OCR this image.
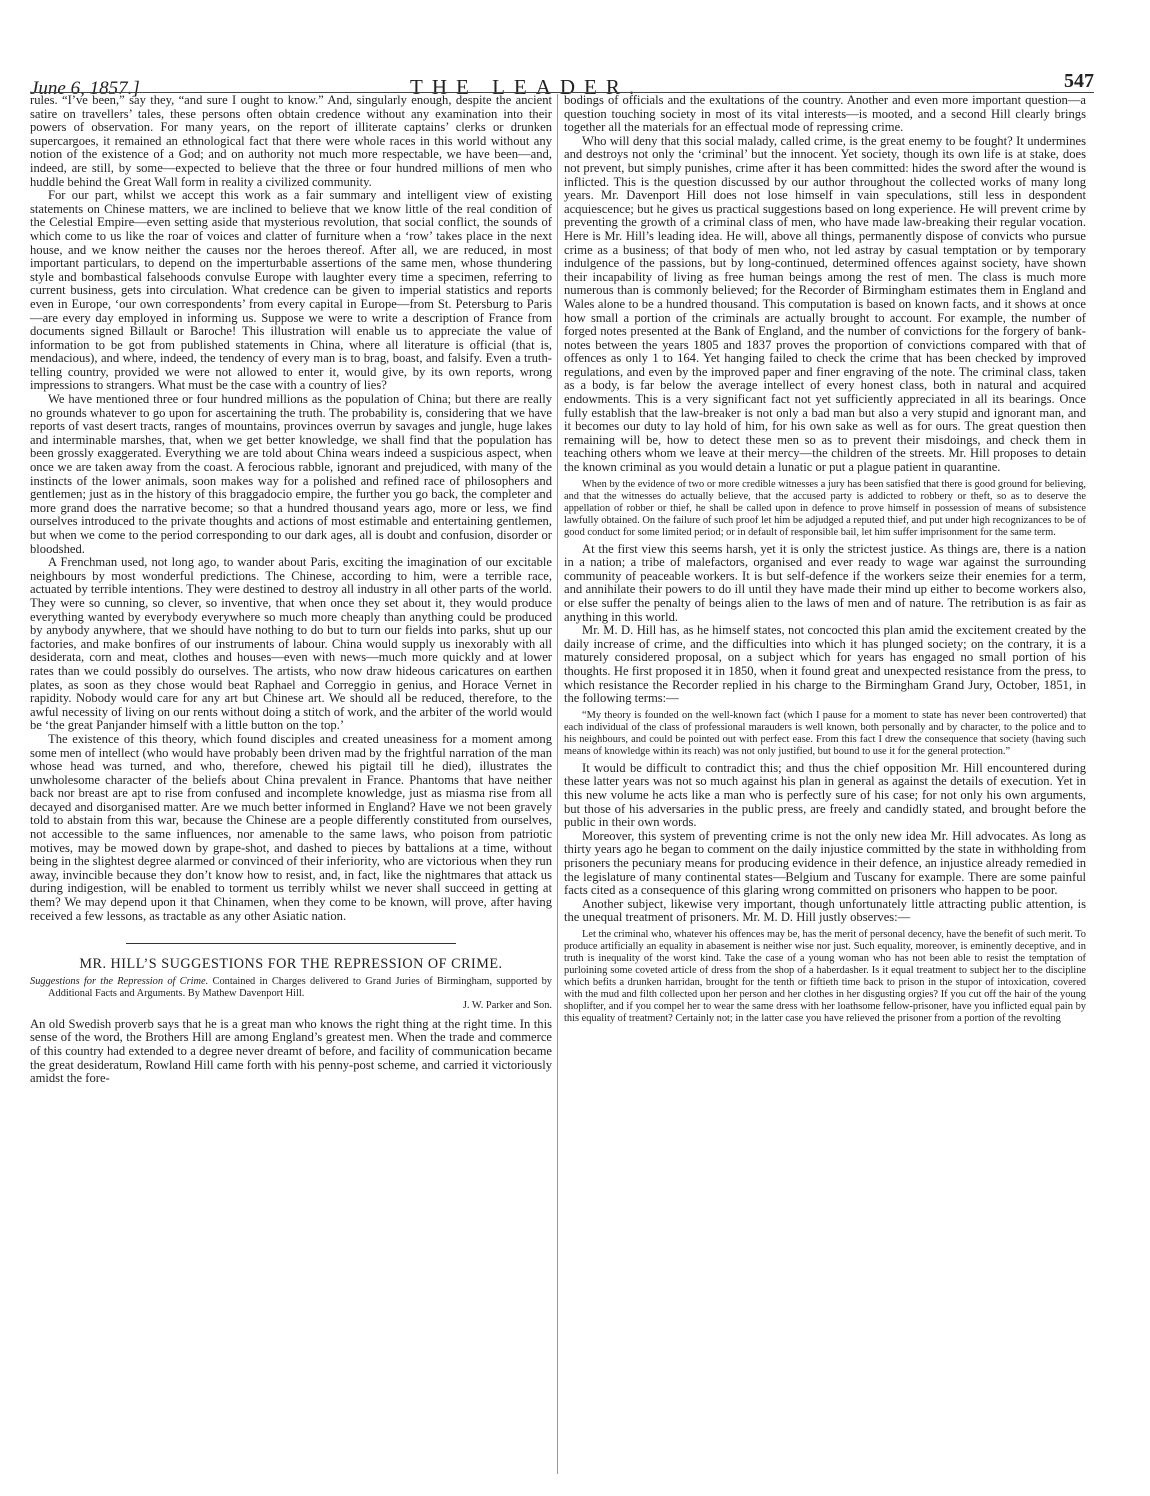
June 6, 1857.]	THE LEADER.	547

rules. “I’ve been,” say they, “and sure I ought to know.” And, singularly enough, despite the ancient satire on travellers’ tales, these persons often obtain credence without any examination into their powers of observation. For many years, on the report of illiterate captains’ clerks or drunken supercargoes, it remained an ethnological fact that there were whole races in this world without any notion of the existence of a God; and on authority not much more respectable, we have been—and, indeed, are still, by some—expected to believe that the three or four hundred millions of men who huddle behind the Great Wall form in reality a civilized community.

For our part, whilst we accept this work as a fair summary and intelligent view of existing statements on Chinese matters, we are inclined to believe that we know little of the real condition of the Celestial Empire—even setting aside that mysterious revolution, that social conflict, the sounds of which come to us like the roar of voices and clatter of furniture when a ‘row’ takes place in the next house, and we know neither the causes nor the heroes thereof. After all, we are reduced, in most important particulars, to depend on the imperturbable assertions of the same men, whose thundering style and bombastical falsehoods convulse Europe with laughter every time a specimen, referring to current business, gets into circulation. What credence can be given to imperial statistics and reports even in Europe, ‘our own correspondents’ from every capital in Europe—from St. Petersburg to Paris—are every day employed in informing us. Suppose we were to write a description of France from documents signed Billault or Baroche! This illustration will enable us to appreciate the value of information to be got from published statements in China, where all literature is official (that is, mendacious), and where, indeed, the tendency of every man is to brag, boast, and falsify. Even a truth-telling country, provided we were not allowed to enter it, would give, by its own reports, wrong impressions to strangers. What must be the case with a country of lies?

We have mentioned three or four hundred millions as the population of China; but there are really no grounds whatever to go upon for ascertaining the truth. The probability is, considering that we have reports of vast desert tracts, ranges of mountains, provinces overrun by savages and jungle, huge lakes and interminable marshes, that, when we get better knowledge, we shall find that the population has been grossly exaggerated. Everything we are told about China wears indeed a suspicious aspect, when once we are taken away from the coast. A ferocious rabble, ignorant and prejudiced, with many of the instincts of the lower animals, soon makes way for a polished and refined race of philosophers and gentlemen; just as in the history of this braggadocio empire, the further you go back, the completer and more grand does the narrative become; so that a hundred thousand years ago, more or less, we find ourselves introduced to the private thoughts and actions of most estimable and entertaining gentlemen, but when we come to the period corresponding to our dark ages, all is doubt and confusion, disorder or bloodshed.

A Frenchman used, not long ago, to wander about Paris, exciting the imagination of our excitable neighbours by most wonderful predictions. The Chinese, according to him, were a terrible race, actuated by terrible intentions. They were destined to destroy all industry in all other parts of the world. They were so cunning, so clever, so inventive, that when once they set about it, they would produce everything wanted by everybody everywhere so much more cheaply than anything could be produced by anybody anywhere, that we should have nothing to do but to turn our fields into parks, shut up our factories, and make bonfires of our instruments of labour. China would supply us inexorably with all desiderata, corn and meat, clothes and houses—even with news—much more quickly and at lower rates than we could possibly do ourselves. The artists, who now draw hideous caricatures on earthen plates, as soon as they chose would beat Raphael and Correggio in genius, and Horace Vernet in rapidity. Nobody would care for any art but Chinese art. We should all be reduced, therefore, to the awful necessity of living on our rents without doing a stitch of work, and the arbiter of the world would be ‘the great Panjander himself with a little button on the top.’

The existence of this theory, which found disciples and created uneasiness for a moment among some men of intellect (who would have probably been driven mad by the frightful narration of the man whose head was turned, and who, therefore, chewed his pigtail till he died), illustrates the unwholesome character of the beliefs about China prevalent in France. Phantoms that have neither back nor breast are apt to rise from confused and incomplete knowledge, just as miasma rise from all decayed and disorganised matter. Are we much better informed in England? Have we not been gravely told to abstain from this war, because the Chinese are a people differently constituted from ourselves, not accessible to the same influences, nor amenable to the same laws, who poison from patriotic motives, may be mowed down by grape-shot, and dashed to pieces by battalions at a time, without being in the slightest degree alarmed or convinced of their inferiority, who are victorious when they run away, invincible because they don’t know how to resist, and, in fact, like the nightmares that attack us during indigestion, will be enabled to torment us terribly whilst we never shall succeed in getting at them? We may depend upon it that Chinamen, when they come to be known, will prove, after having received a few lessons, as tractable as any other Asiatic nation.

MR. HILL’S SUGGESTIONS FOR THE REPRESSION OF CRIME.
Suggestions for the Repression of Crime. Contained in Charges delivered to Grand Juries of Birmingham, supported by Additional Facts and Arguments. By Mathew Davenport Hill.
J. W. Parker and Son.

An old Swedish proverb says that he is a great man who knows the right thing at the right time. In this sense of the word, the Brothers Hill are among England’s greatest men. When the trade and commerce of this country had extended to a degree never dreamt of before, and facility of communication became the great desideratum, Rowland Hill came forth with his penny-post scheme, and carried it victoriously amidst the fore-

bodings of officials and the exultations of the country. Another and even more important question—a question touching society in most of its vital interests—is mooted, and a second Hill clearly brings together all the materials for an effectual mode of repressing crime.

Who will deny that this social malady, called crime, is the great enemy to be fought? It undermines and destroys not only the ‘criminal’ but the innocent. Yet society, though its own life is at stake, does not prevent, but simply punishes, crime after it has been committed: hides the sword after the wound is inflicted. This is the question discussed by our author throughout the collected works of many long years. Mr. Davenport Hill does not lose himself in vain speculations, still less in despondent acquiescence; but he gives us practical suggestions based on long experience. He will prevent crime by preventing the growth of a criminal class of men, who have made law-breaking their regular vocation. Here is Mr. Hill’s leading idea. He will, above all things, permanently dispose of convicts who pursue crime as a business; of that body of men who, not led astray by casual temptation or by temporary indulgence of the passions, but by long-continued, determined offences against society, have shown their incapability of living as free human beings among the rest of men. The class is much more numerous than is commonly believed; for the Recorder of Birmingham estimates them in England and Wales alone to be a hundred thousand. This computation is based on known facts, and it shows at once how small a portion of the criminals are actually brought to account. For example, the number of forged notes presented at the Bank of England, and the number of convictions for the forgery of bank-notes between the years 1805 and 1837 proves the proportion of convictions compared with that of offences as only 1 to 164. Yet hanging failed to check the crime that has been checked by improved regulations, and even by the improved paper and finer engraving of the note. The criminal class, taken as a body, is far below the average intellect of every honest class, both in natural and acquired endowments. This is a very significant fact not yet sufficiently appreciated in all its bearings. Once fully establish that the law-breaker is not only a bad man but also a very stupid and ignorant man, and it becomes our duty to lay hold of him, for his own sake as well as for ours. The great question then remaining will be, how to detect these men so as to prevent their misdoings, and check them in teaching others whom we leave at their mercy—the children of the streets. Mr. Hill proposes to detain the known criminal as you would detain a lunatic or put a plague patient in quarantine.

When by the evidence of two or more credible witnesses a jury has been satisfied that there is good ground for believing, and that the witnesses do actually believe, that the accused party is addicted to robbery or theft, so as to deserve the appellation of robber or thief, he shall be called upon in defence to prove himself in possession of means of subsistence lawfully obtained. On the failure of such proof let him be adjudged a reputed thief, and put under high recognizances to be of good conduct for some limited period; or in default of responsible bail, let him suffer imprisonment for the same term.

At the first view this seems harsh, yet it is only the strictest justice. As things are, there is a nation in a nation; a tribe of malefactors, organised and ever ready to wage war against the surrounding community of peaceable workers. It is but self-defence if the workers seize their enemies for a term, and annihilate their powers to do ill until they have made their mind up either to become workers also, or else suffer the penalty of beings alien to the laws of men and of nature. The retribution is as fair as anything in this world.

Mr. M. D. Hill has, as he himself states, not concocted this plan amid the excitement created by the daily increase of crime, and the difficulties into which it has plunged society; on the contrary, it is a maturely considered proposal, on a subject which for years has engaged no small portion of his thoughts. He first proposed it in 1850, when it found great and unexpected resistance from the press, to which resistance the Recorder replied in his charge to the Birmingham Grand Jury, October, 1851, in the following terms:—

“My theory is founded on the well-known fact (which I pause for a moment to state has never been controverted) that each individual of the class of professional marauders is well known, both personally and by character, to the police and to his neighbours, and could be pointed out with perfect ease. From this fact I drew the consequence that society (having such means of knowledge within its reach) was not only justified, but bound to use it for the general protection.”

It would be difficult to contradict this; and thus the chief opposition Mr. Hill encountered during these latter years was not so much against his plan in general as against the details of execution. Yet in this new volume he acts like a man who is perfectly sure of his case; for not only his own arguments, but those of his adversaries in the public press, are freely and candidly stated, and brought before the public in their own words.

Moreover, this system of preventing crime is not the only new idea Mr. Hill advocates. As long as thirty years ago he began to comment on the daily injustice committed by the state in withholding from prisoners the pecuniary means for producing evidence in their defence, an injustice already remedied in the legislature of many continental states—Belgium and Tuscany for example. There are some painful facts cited as a consequence of this glaring wrong committed on prisoners who happen to be poor.

Another subject, likewise very important, though unfortunately little attracting public attention, is the unequal treatment of prisoners. Mr. M. D. Hill justly observes:—

Let the criminal who, whatever his offences may be, has the merit of personal decency, have the benefit of such merit. To produce artificially an equality in abasement is neither wise nor just. Such equality, moreover, is eminently deceptive, and in truth is inequality of the worst kind. Take the case of a young woman who has not been able to resist the temptation of purloining some coveted article of dress from the shop of a haberdasher. Is it equal treatment to subject her to the discipline which befits a drunken harridan, brought for the tenth or fiftieth time back to prison in the stupor of intoxication, covered with the mud and filth collected upon her person and her clothes in her disgusting orgies? If you cut off the hair of the young shoplifter, and if you compel her to wear the same dress with her loathsome fellow-prisoner, have you inflicted equal pain by this equality of treatment? Certainly not; in the latter case you have relieved the prisoner from a portion of the revolting
